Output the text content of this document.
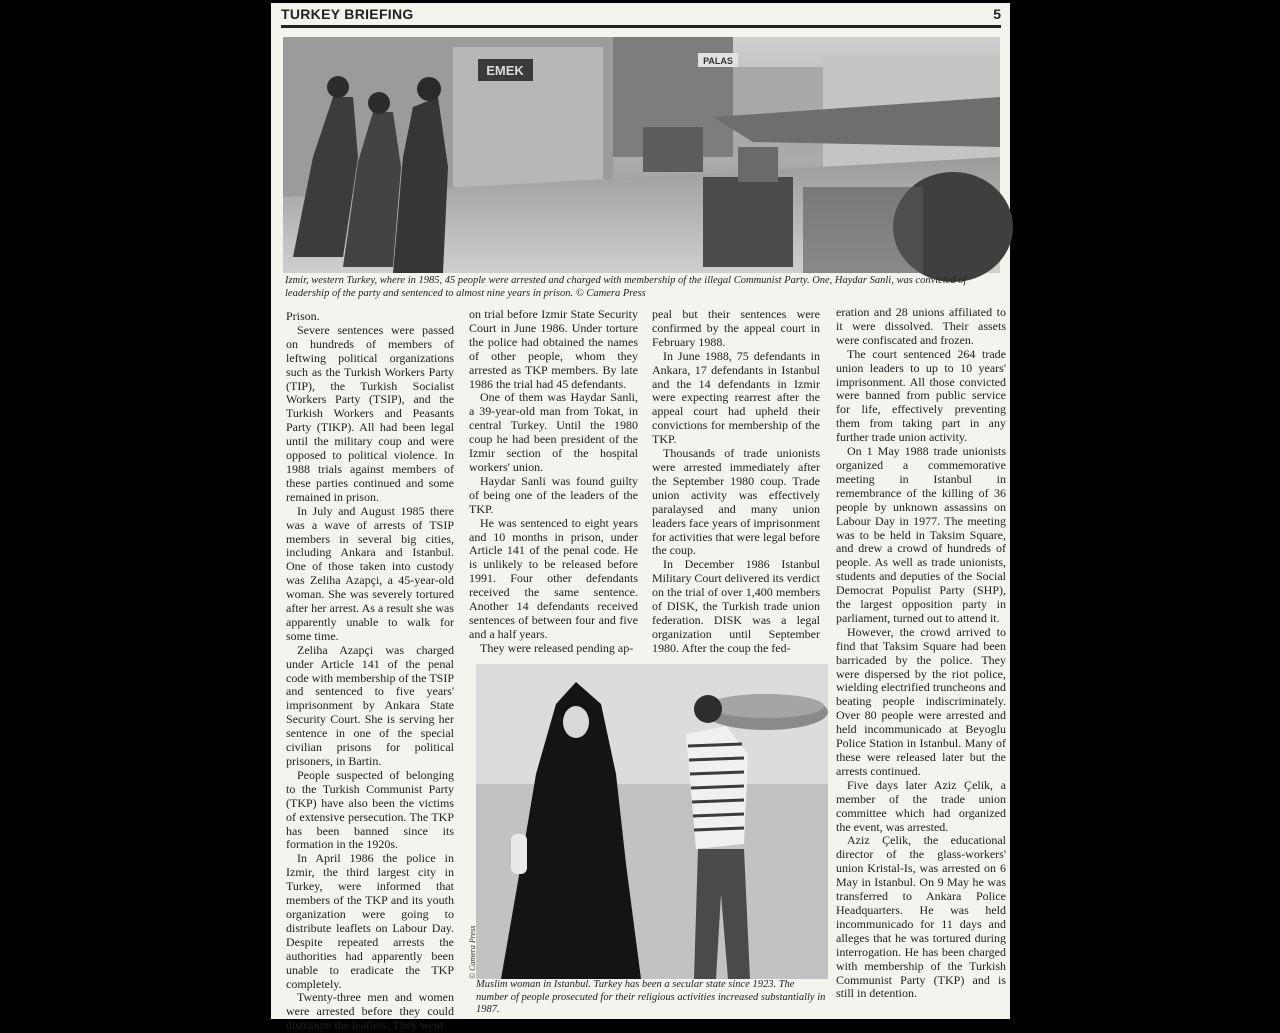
TURKEY BRIEFING	5
EMEK
PALAS
Izmir, western Turkey, where in 1985, 45 people were arrested and charged with membership of the illegal Communist Party. One, Haydar Sanli, was convicted of leadership of the party and sentenced to almost nine years in prison. © Camera Press

Prison.

Severe sentences were passed on hundreds of members of leftwing political organizations such as the Turkish Workers Party (TIP), the Turkish Socialist Workers Party (TSIP), and the Turkish Workers and Peasants Party (TIKP). All had been legal until the military coup and were opposed to political violence. In 1988 trials against members of these parties continued and some remained in prison.

In July and August 1985 there was a wave of arrests of TSIP members in several big cities, including Ankara and Istanbul. One of those taken into custody was Zeliha Azapçi, a 45-year-old woman. She was severely tortured after her arrest. As a result she was apparently unable to walk for some time.

Zeliha Azapçi was charged under Article 141 of the penal code with membership of the TSIP and sentenced to five years' imprisonment by Ankara State Security Court. She is serving her sentence in one of the special civilian prisons for political prisoners, in Bartin.

People suspected of belonging to the Turkish Communist Party (TKP) have also been the victims of extensive persecution. The TKP has been banned since its formation in the 1920s.

In April 1986 the police in Izmir, the third largest city in Turkey, were informed that members of the TKP and its youth organization were going to distribute leaflets on Labour Day. Despite repeated arrests the authorities had apparently been unable to eradicate the TKP completely.

Twenty-three men and women were arrested before they could distribute the leaflets. They went

on trial before Izmir State Security Court in June 1986. Under torture the police had obtained the names of other people, whom they arrested as TKP members. By late 1986 the trial had 45 defendants.

One of them was Haydar Sanli, a 39-year-old man from Tokat, in central Turkey. Until the 1980 coup he had been president of the Izmir section of the hospital workers' union.

Haydar Sanli was found guilty of being one of the leaders of the TKP.

He was sentenced to eight years and 10 months in prison, under Article 141 of the penal code. He is unlikely to be released before 1991. Four other defendants received the same sentence. Another 14 defendants received sentences of between four and five and a half years.

They were released pending ap-

peal but their sentences were confirmed by the appeal court in February 1988.

In June 1988, 75 defendants in Ankara, 17 defendants in Istanbul and the 14 defendants in Izmir were expecting rearrest after the appeal court had upheld their convictions for membership of the TKP.

Thousands of trade unionists were arrested immediately after the September 1980 coup. Trade union activity was effectively paralaysed and many union leaders face years of imprisonment for activities that were legal before the coup.

In December 1986 Istanbul Military Court delivered its verdict on the trial of over 1,400 members of DISK, the Turkish trade union federation. DISK was a legal organization until September 1980. After the coup the fed-

eration and 28 unions affiliated to it were dissolved. Their assets were confiscated and frozen.

The court sentenced 264 trade union leaders to up to 10 years' imprisonment. All those convicted were banned from public service for life, effectively preventing them from taking part in any further trade union activity.

On 1 May 1988 trade unionists organized a commemorative meeting in Istanbul in remembrance of the killing of 36 people by unknown assassins on Labour Day in 1977. The meeting was to be held in Taksim Square, and drew a crowd of hundreds of people. As well as trade unionists, students and deputies of the Social Democrat Populist Party (SHP), the largest opposition party in parliament, turned out to attend it.

However, the crowd arrived to find that Taksim Square had been barricaded by the police. They were dispersed by the riot police, wielding electrified truncheons and beating people indiscriminately. Over 80 people were arrested and held incommunicado at Beyoglu Police Station in Istanbul. Many of these were released later but the arrests continued.

Five days later Aziz Çelik, a member of the trade union committee which had organized the event, was arrested.

Aziz Çelik, the educational director of the glass-workers' union Kristal-Is, was arrested on 6 May in Istanbul. On 9 May he was transferred to Ankara Police Headquarters. He was held incommunicado for 11 days and alleges that he was tortured during interrogation. He has been charged with membership of the Turkish Communist Party (TKP) and is still in detention.

© Camera Press
Muslim woman in Istanbul. Turkey has been a secular state since 1923. The number of people prosecuted for their religious activities increased substantially in 1987.
